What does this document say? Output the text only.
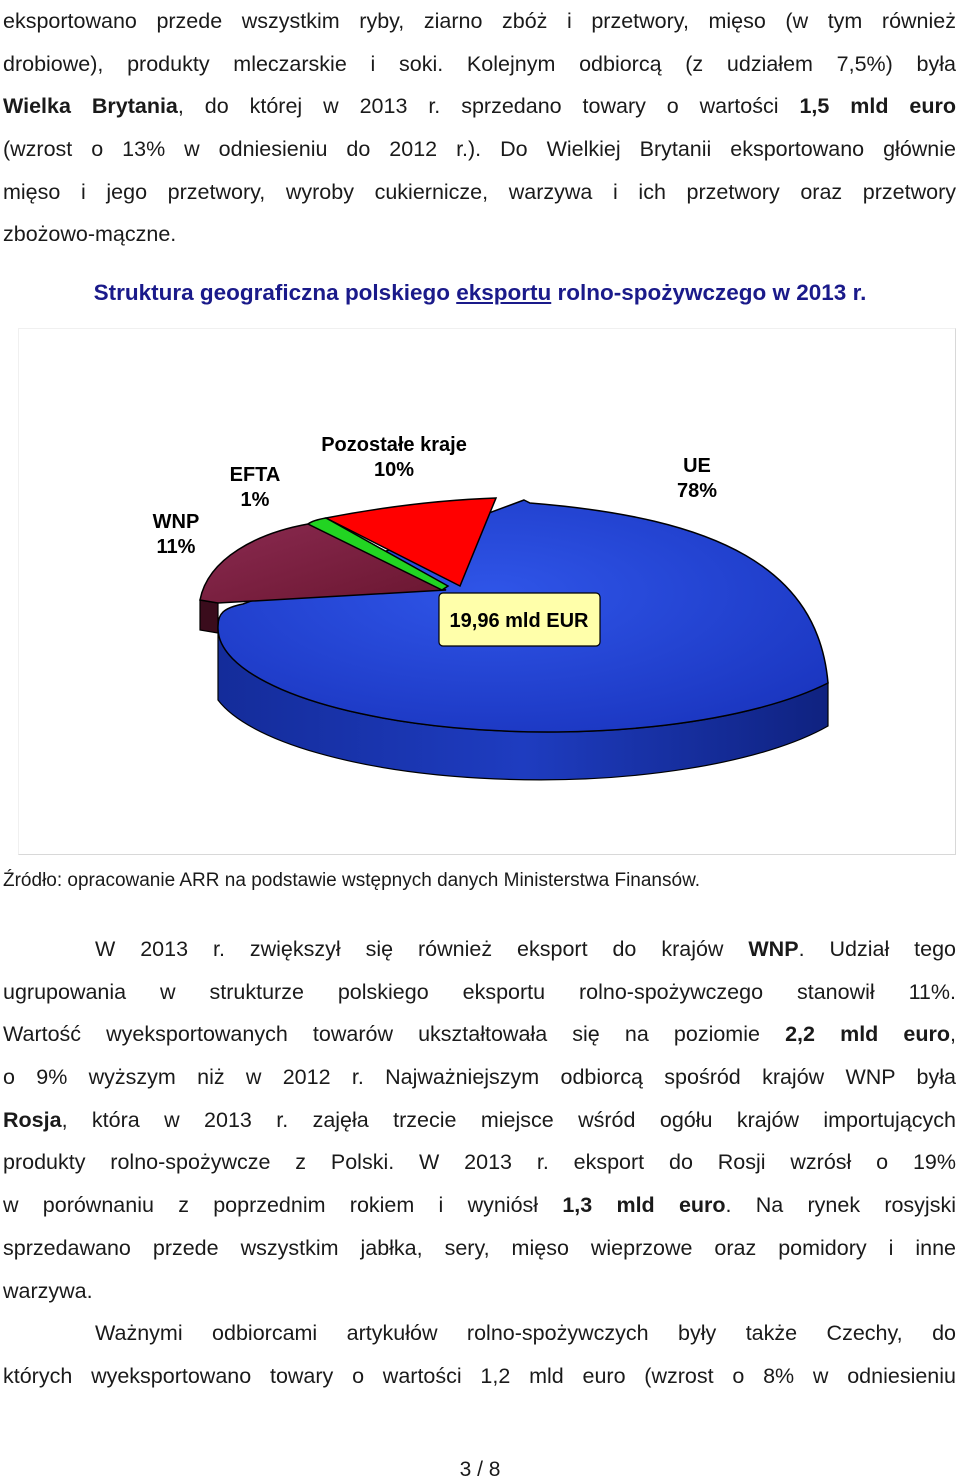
eksportowano przede wszystkim ryby, ziarno zbóż i przetwory, mięso (w tym również
drobiowe), produkty mleczarskie i soki. Kolejnym odbiorcą (z udziałem 7,5%) była
Wielka Brytania, do której w 2013 r. sprzedano towary o wartości 1,5 mld euro
(wzrost o 13% w odniesieniu do 2012 r.). Do Wielkiej Brytanii eksportowano głównie
mięso i jego przetwory, wyroby cukiernicze, warzywa i ich przetwory oraz przetwory
zbożowo-mączne.
Struktura geograficzna polskiego eksportu rolno-spożywczego w 2013 r.
19,96 mld EUR
WNP
11%
EFTA
1%
Pozostałe kraje
10%	UE
78%
Źródło: opracowanie ARR na podstawie wstępnych danych Ministerstwa Finansów.
W 2013 r. zwiększył się również eksport do krajów WNP. Udział tego
ugrupowania w strukturze polskiego eksportu rolno-spożywczego stanowił 11%.
Wartość wyeksportowanych towarów ukształtowała się na poziomie 2,2 mld euro,
o 9% wyższym niż w 2012 r. Najważniejszym odbiorcą spośród krajów WNP była
Rosja, która w 2013 r. zajęła trzecie miejsce wśród ogółu krajów importujących
produkty rolno-spożywcze z Polski. W 2013 r. eksport do Rosji wzrósł o 19%
w porównaniu z poprzednim rokiem i wyniósł 1,3 mld euro. Na rynek rosyjski
sprzedawano przede wszystkim jabłka, sery, mięso wieprzowe oraz pomidory i inne
warzywa.
Ważnymi odbiorcami artykułów rolno-spożywczych były także Czechy, do
których wyeksportowano towary o wartości 1,2 mld euro (wzrost o 8% w odniesieniu
3 / 8
